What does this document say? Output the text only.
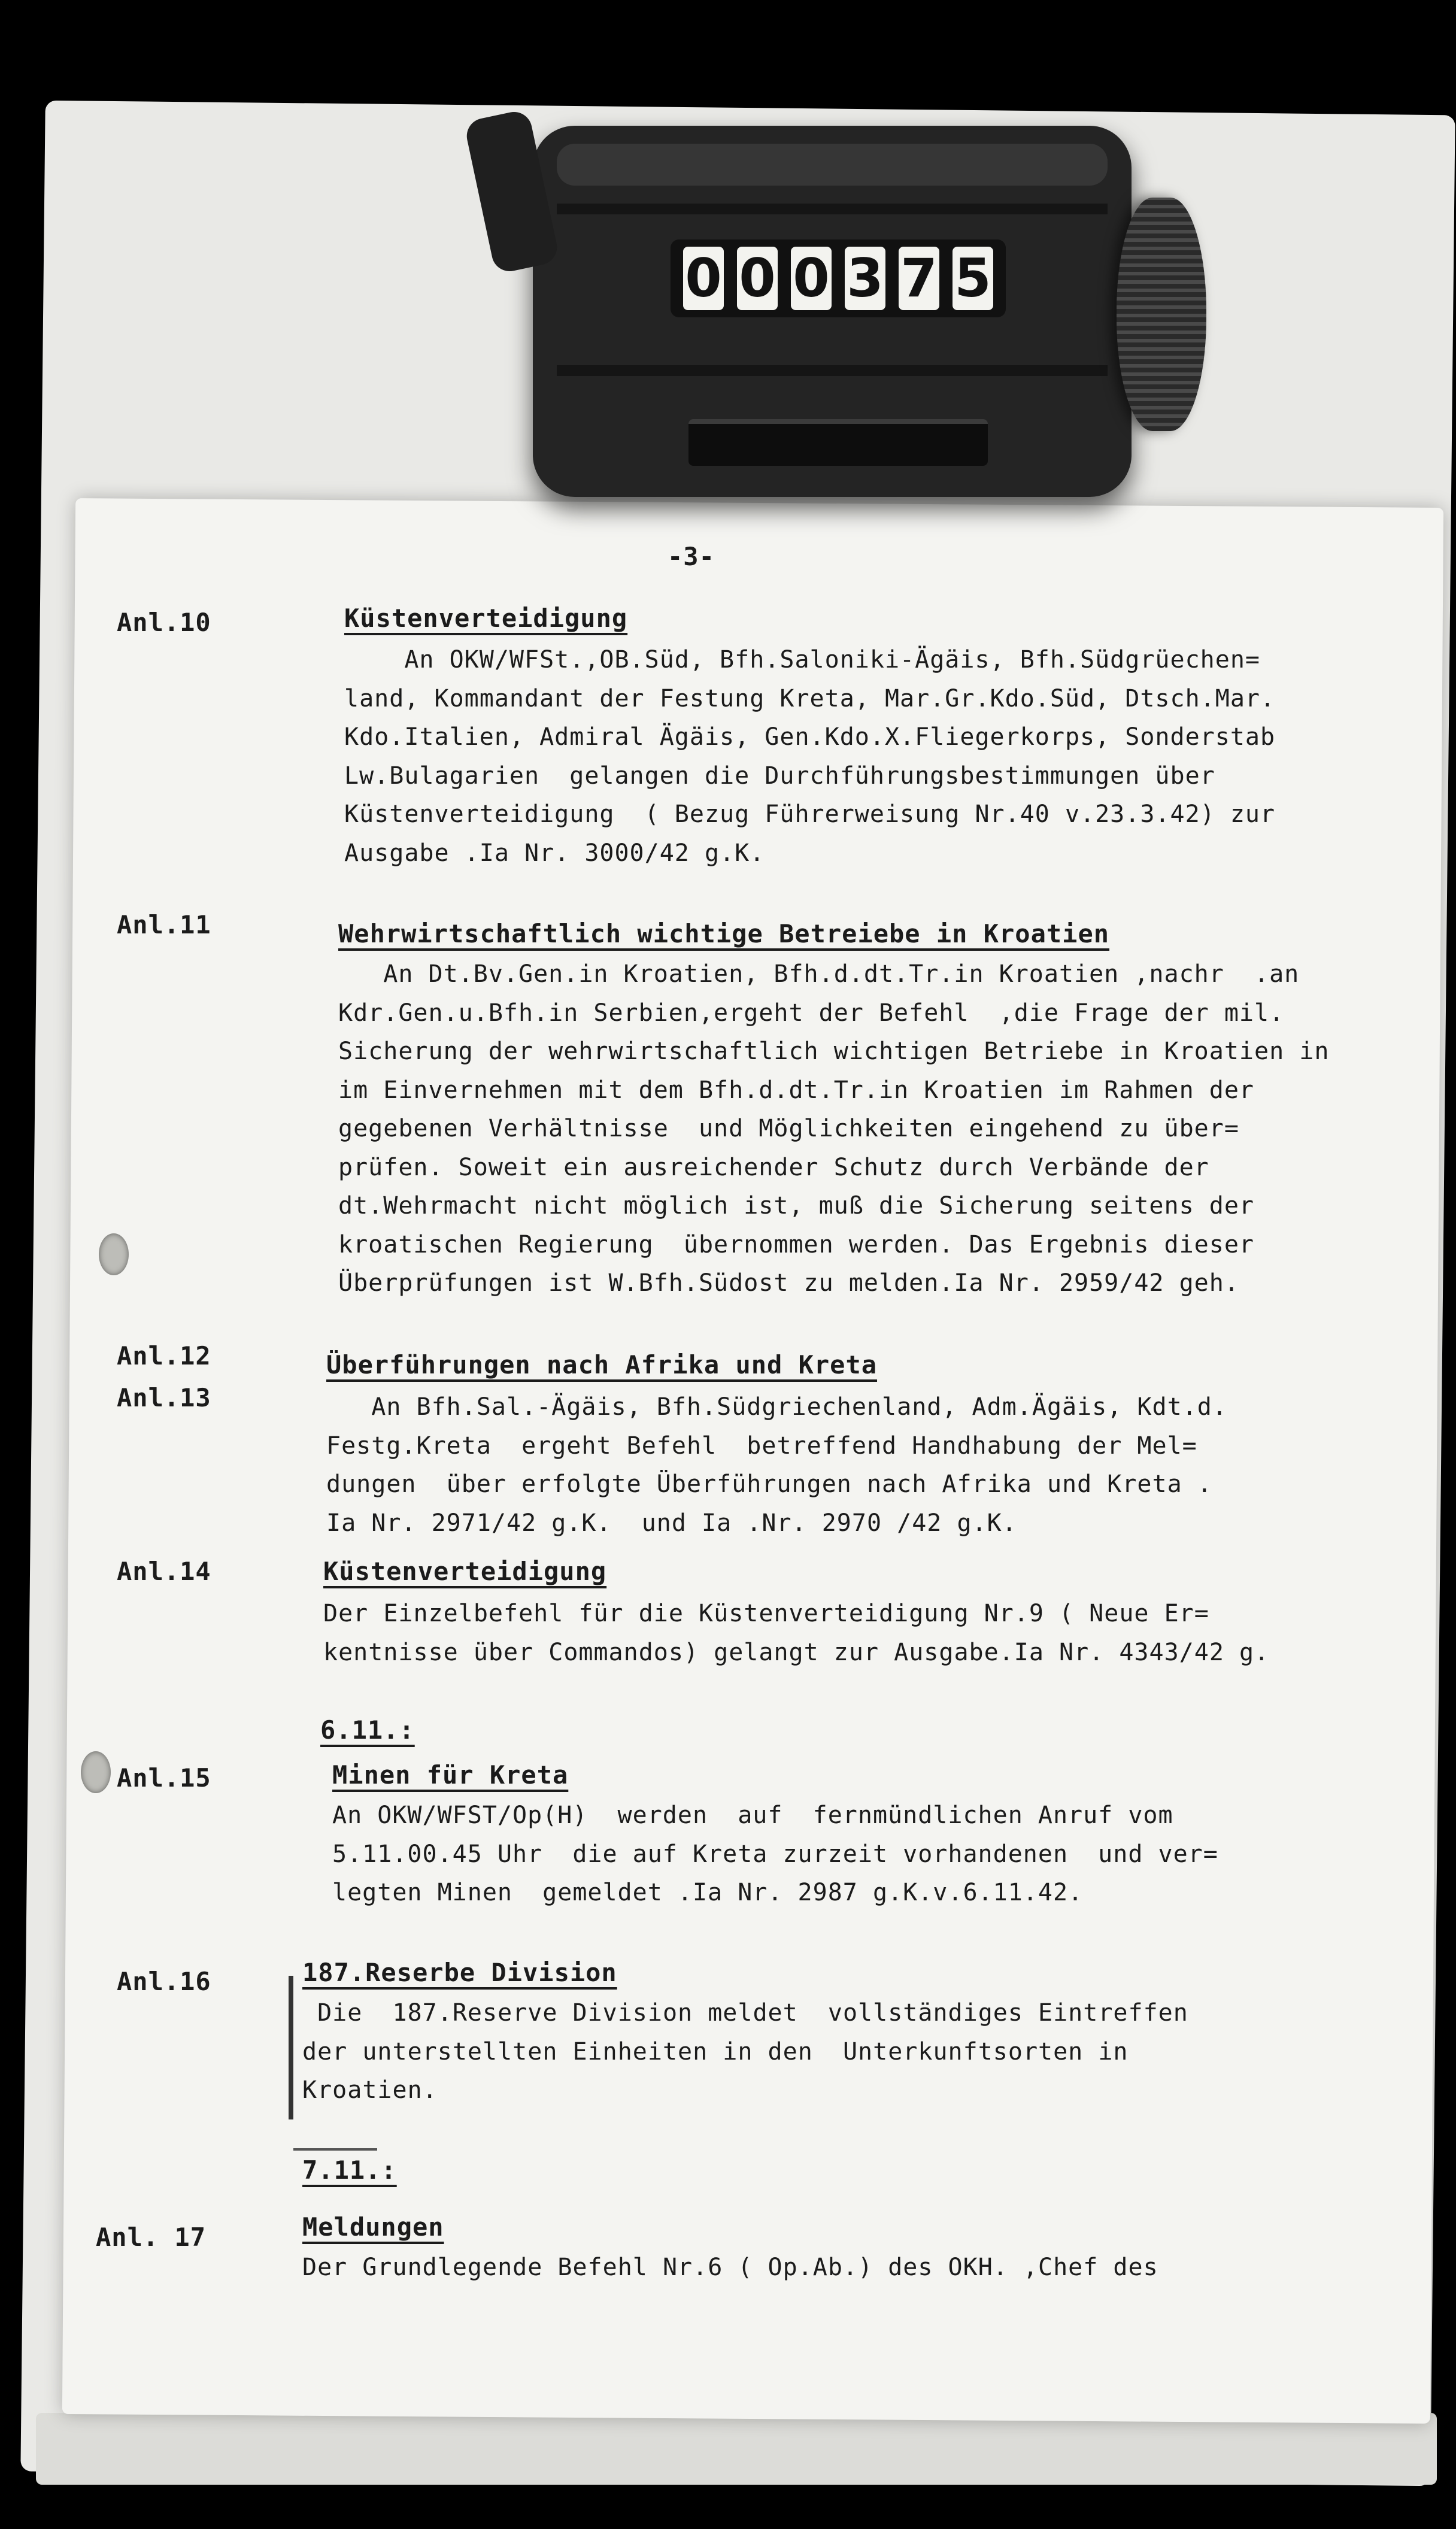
0 0 0 3 7 5
-3-
Anl.10	Küstenverteidigung
An OKW/WFSt.,OB.Süd, Bfh.Saloniki-Ägäis, Bfh.Südgrüechen=
land, Kommandant der Festung Kreta, Mar.Gr.Kdo.Süd, Dtsch.Mar.
Kdo.Italien, Admiral Ägäis, Gen.Kdo.X.Fliegerkorps, Sonderstab
Lw.Bulagarien  gelangen die Durchführungsbestimmungen über
Küstenverteidigung  ( Bezug Führerweisung Nr.40 v.23.3.42) zur
Ausgabe .Ia Nr. 3000/42 g.K.
Anl.11	Wehrwirtschaftlich wichtige Betreiebe in Kroatien
An Dt.Bv.Gen.in Kroatien, Bfh.d.dt.Tr.in Kroatien ,nachr  .an
Kdr.Gen.u.Bfh.in Serbien,ergeht der Befehl  ,die Frage der mil.
Sicherung der wehrwirtschaftlich wichtigen Betriebe in Kroatien in
im Einvernehmen mit dem Bfh.d.dt.Tr.in Kroatien im Rahmen der
gegebenen Verhältnisse  und Möglichkeiten eingehend zu über=
prüfen. Soweit ein ausreichender Schutz durch Verbände der
dt.Wehrmacht nicht möglich ist, muß die Sicherung seitens der
kroatischen Regierung  übernommen werden. Das Ergebnis dieser
Überprüfungen ist W.Bfh.Südost zu melden.Ia Nr. 2959/42 geh.
Anl.12
Anl.13
Überführungen nach Afrika und Kreta
An Bfh.Sal.-Ägäis, Bfh.Südgriechenland, Adm.Ägäis, Kdt.d.
Festg.Kreta  ergeht Befehl  betreffend Handhabung der Mel=
dungen  über erfolgte Überführungen nach Afrika und Kreta .
Ia Nr. 2971/42 g.K.  und Ia .Nr. 2970 /42 g.K.
Anl.14	Küstenverteidigung
Der Einzelbefehl für die Küstenverteidigung Nr.9 ( Neue Er=
kentnisse über Commandos) gelangt zur Ausgabe.Ia Nr. 4343/42 g.
6.11.:
Anl.15	Minen für Kreta
An OKW/WFST/Op(H)  werden  auf  fernmündlichen Anruf vom
5.11.00.45 Uhr  die auf Kreta zurzeit vorhandenen  und ver=
legten Minen  gemeldet .Ia Nr. 2987 g.K.v.6.11.42.
Anl.16	187.Reserbe Division
Die  187.Reserve Division meldet  vollständiges Eintreffen
der unterstellten Einheiten in den  Unterkunftsorten in
Kroatien.
7.11.:
Anl. 17	Meldungen
Der Grundlegende Befehl Nr.6 ( Op.Ab.) des OKH. ,Chef des
